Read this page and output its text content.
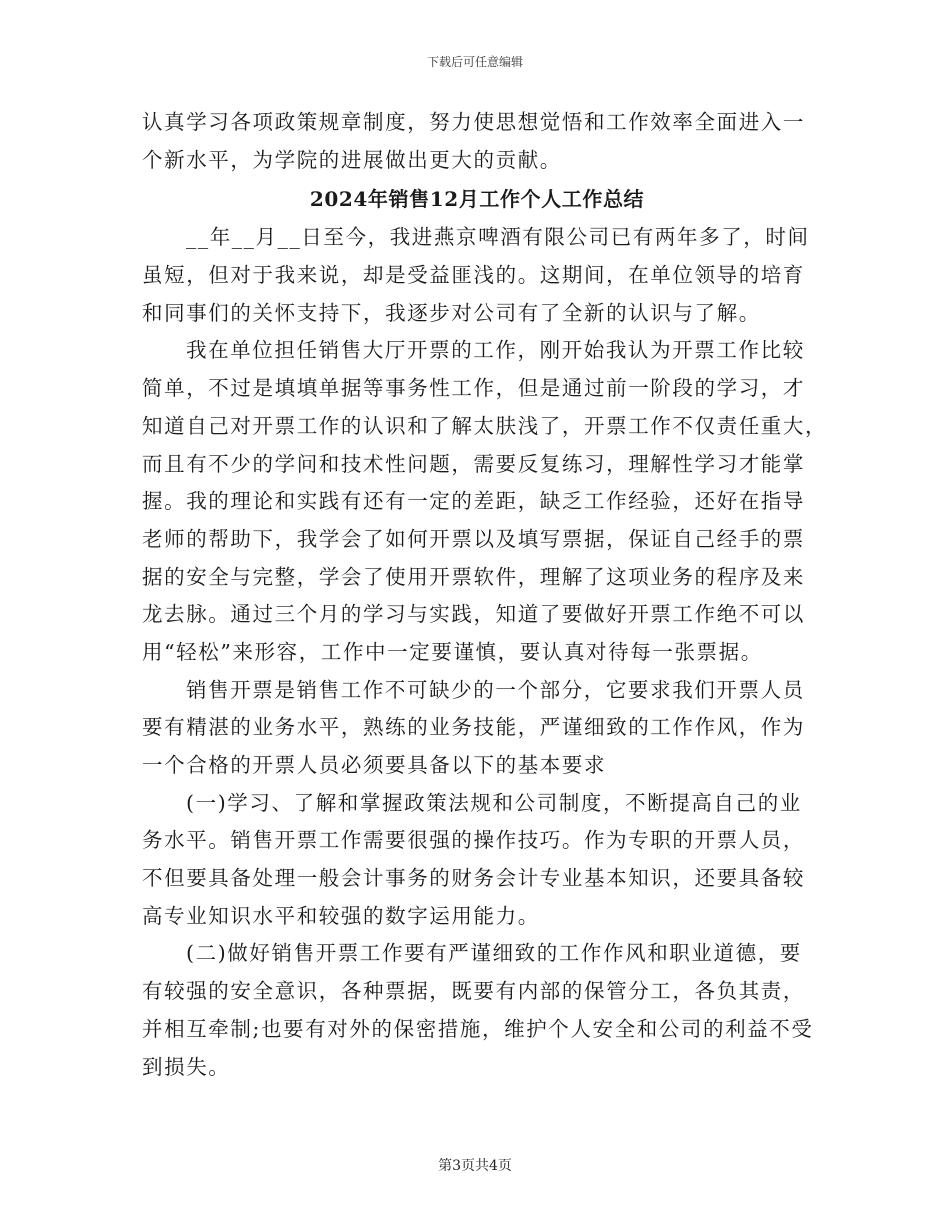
下载后可任意编辑
认真学习各项政策规章制度，努力使思想觉悟和工作效率全面进入一
个新水平，为学院的进展做出更大的贡献。
2024年销售12月工作个人工作总结
__年__月__日至今，我进燕京啤酒有限公司已有两年多了，时间
虽短，但对于我来说，却是受益匪浅的。这期间，在单位领导的培育
和同事们的关怀支持下，我逐步对公司有了全新的认识与了解。
我在单位担任销售大厅开票的工作，刚开始我认为开票工作比较
简单，不过是填填单据等事务性工作，但是通过前一阶段的学习，才
知道自己对开票工作的认识和了解太肤浅了，开票工作不仅责任重大，
而且有不少的学问和技术性问题，需要反复练习，理解性学习才能掌
握。我的理论和实践有还有一定的差距，缺乏工作经验，还好在指导
老师的帮助下，我学会了如何开票以及填写票据，保证自己经手的票
据的安全与完整，学会了使用开票软件，理解了这项业务的程序及来
龙去脉。通过三个月的学习与实践，知道了要做好开票工作绝不可以
用“轻松”来形容，工作中一定要谨慎，要认真对待每一张票据。
销售开票是销售工作不可缺少的一个部分，它要求我们开票人员
要有精湛的业务水平，熟练的业务技能，严谨细致的工作作风，作为
一个合格的开票人员必须要具备以下的基本要求
(一)学习、了解和掌握政策法规和公司制度，不断提高自己的业
务水平。销售开票工作需要很强的操作技巧。作为专职的开票人员，
不但要具备处理一般会计事务的财务会计专业基本知识，还要具备较
高专业知识水平和较强的数字运用能力。
(二)做好销售开票工作要有严谨细致的工作作风和职业道德，要
有较强的安全意识，各种票据，既要有内部的保管分工，各负其责，
并相互牵制;也要有对外的保密措施，维护个人安全和公司的利益不受
到损失。
第3页共4页
